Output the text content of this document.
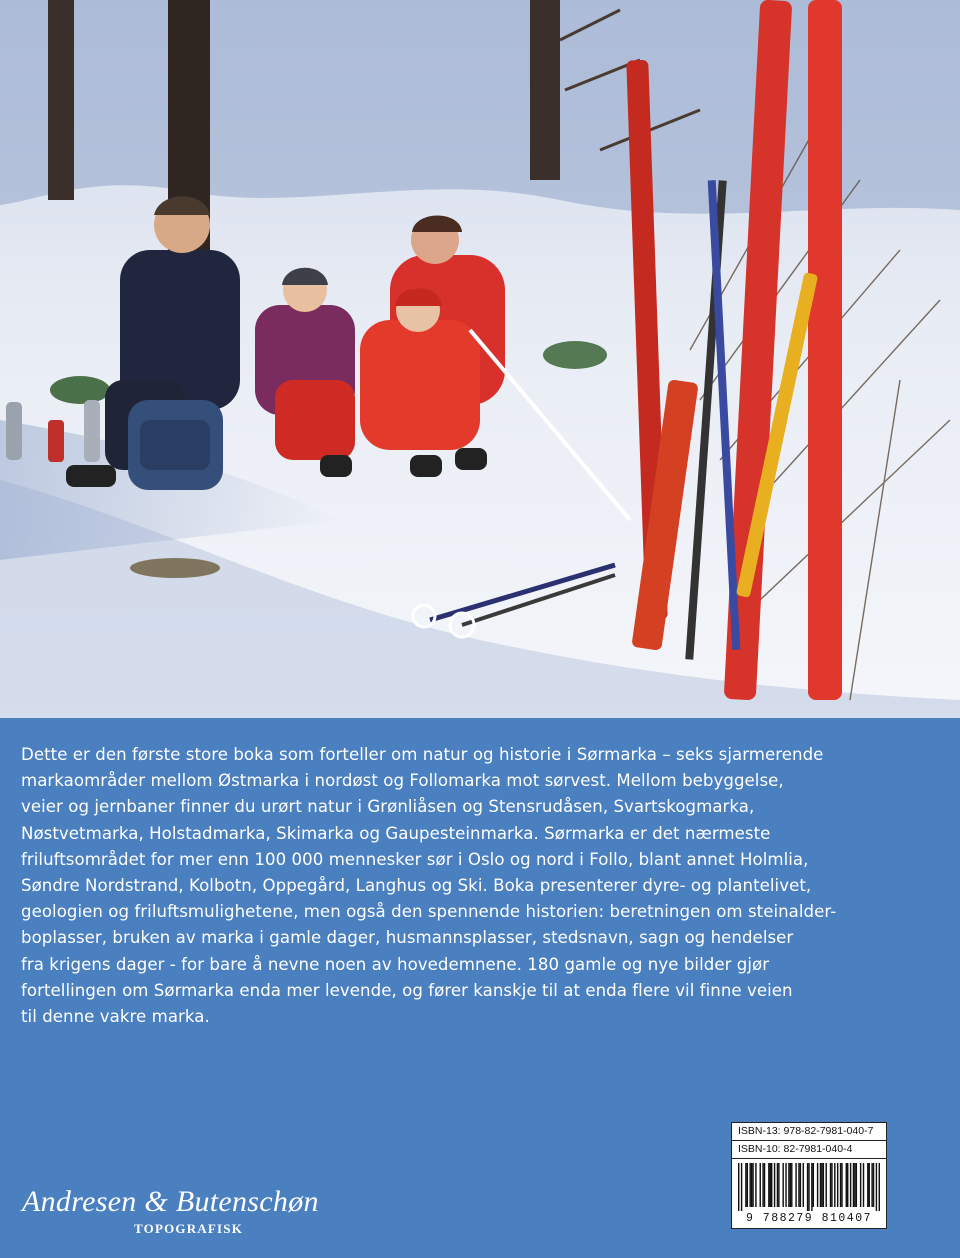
Dette er den første store boka som forteller om natur og historie i Sørmarka – seks sjarmerende
markaområder mellom Østmarka i nordøst og Follomarka mot sørvest. Mellom bebyggelse,
veier og jernbaner finner du urørt natur i Grønliåsen og Stensrudåsen, Svartskogmarka,
Nøstvetmarka, Holstadmarka, Skimarka og Gaupesteinmarka. Sørmarka er det nærmeste
friluftsområdet for mer enn 100 000 mennesker sør i Oslo og nord i Follo, blant annet Holmlia,
Søndre Nordstrand, Kolbotn, Oppegård, Langhus og Ski. Boka presenterer dyre- og plantelivet,
geologien og friluftsmulighetene, men også den spennende historien: beretningen om steinalder-
boplasser, bruken av marka i gamle dager, husmannsplasser, stedsnavn, sagn og hendelser
fra krigens dager - for bare å nevne noen av hovedemnene. 180 gamle og nye bilder gjør
fortellingen om Sørmarka enda mer levende, og fører kanskje til at enda flere vil finne veien
til denne vakre marka.
ISBN-13: 978-82-7981-040-7
ISBN-10: 82-7981-040-4
9 788279 810407
Andresen & Butenschøn
TOPOGRAFISK
